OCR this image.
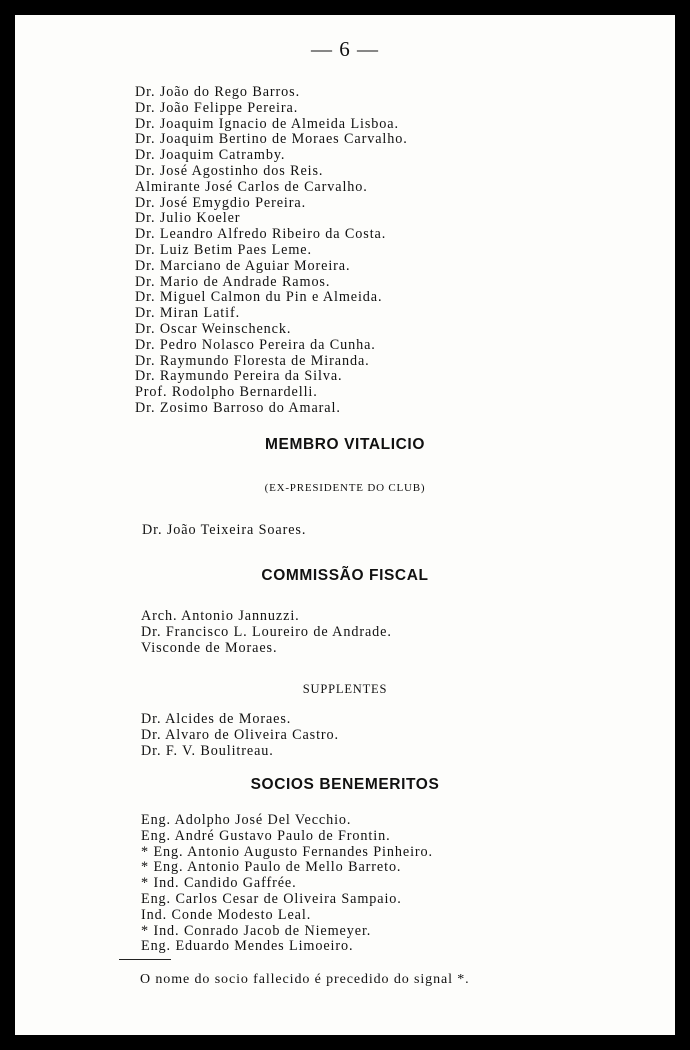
— 6 —
Dr. João do Rego Barros.
Dr. João Felippe Pereira.
Dr. Joaquim Ignacio de Almeida Lisboa.
Dr. Joaquim Bertino de Moraes Carvalho.
Dr. Joaquim Catramby.
Dr. José Agostinho dos Reis.
Almirante José Carlos de Carvalho.
Dr. José Emygdio Pereira.
Dr. Julio Koeler
Dr. Leandro Alfredo Ribeiro da Costa.
Dr. Luiz Betim Paes Leme.
Dr. Marciano de Aguiar Moreira.
Dr. Mario de Andrade Ramos.
Dr. Miguel Calmon du Pin e Almeida.
Dr. Miran Latif.
Dr. Oscar Weinschenck.
Dr. Pedro Nolasco Pereira da Cunha.
Dr. Raymundo Floresta de Miranda.
Dr. Raymundo Pereira da Silva.
Prof. Rodolpho Bernardelli.
Dr. Zosimo Barroso do Amaral.
MEMBRO VITALICIO
(EX-PRESIDENTE DO CLUB)
Dr. João Teixeira Soares.
COMMISSÃO FISCAL
Arch. Antonio Jannuzzi.
Dr. Francisco L. Loureiro de Andrade.
Visconde de Moraes.
SUPPLENTES
Dr. Alcides de Moraes.
Dr. Alvaro de Oliveira Castro.
Dr. F. V. Boulitreau.
SOCIOS BENEMERITOS
Eng. Adolpho José Del Vecchio.
Eng. André Gustavo Paulo de Frontin.
* Eng. Antonio Augusto Fernandes Pinheiro.
* Eng. Antonio Paulo de Mello Barreto.
* Ind. Candido Gaffrée.
Eng. Carlos Cesar de Oliveira Sampaio.
Ind. Conde Modesto Leal.
* Ind. Conrado Jacob de Niemeyer.
Eng. Eduardo Mendes Limoeiro.
O nome do socio fallecido é precedido do signal *.
